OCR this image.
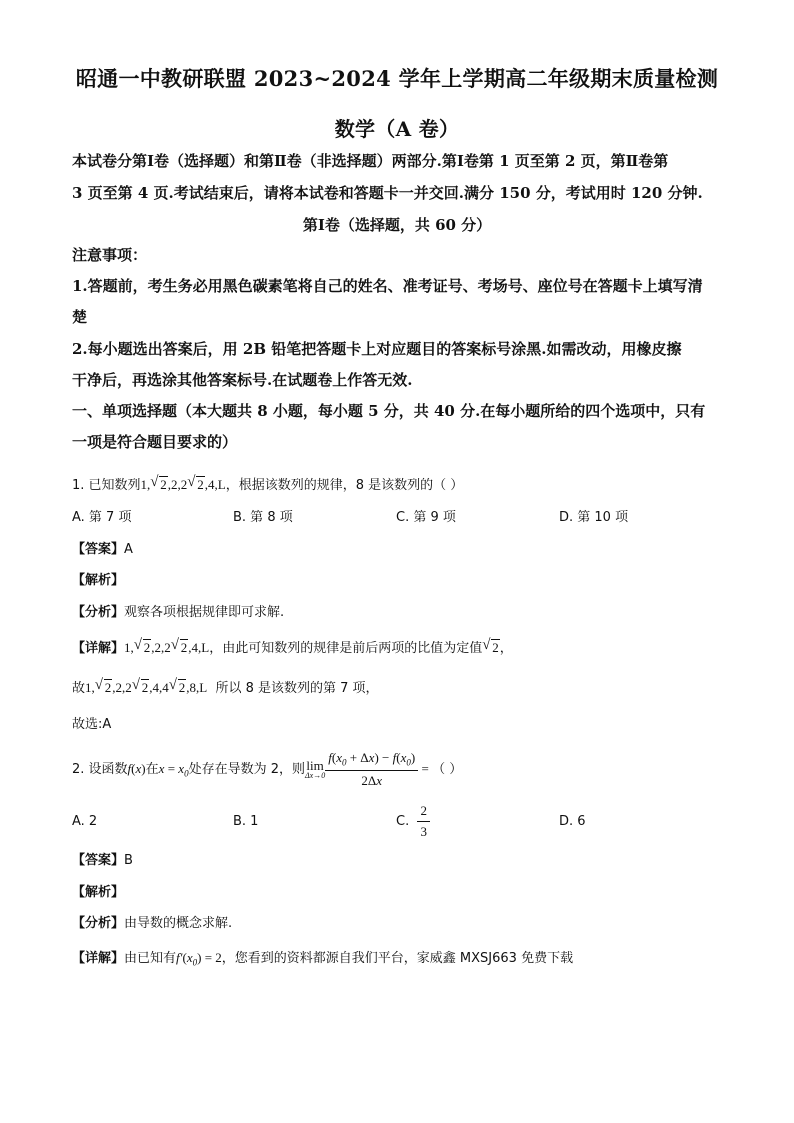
昭通一中教研联盟 2023~2024 学年上学期高二年级期末质量检测
数学（A 卷）
本试卷分第Ⅰ卷（选择题）和第Ⅱ卷（非选择题）两部分.第Ⅰ卷第 1 页至第 2 页，第Ⅱ卷第
3 页至第 4 页.考试结束后，请将本试卷和答题卡一并交回.满分 150 分，考试用时 120 分钟.
第Ⅰ卷（选择题，共 60 分）
注意事项：
1.答题前，考生务必用黑色碳素笔将自己的姓名、准考证号、考场号、座位号在答题卡上填写清
楚
2.每小题选出答案后，用 2B 铅笔把答题卡上对应题目的答案标号涂黑.如需改动，用橡皮擦
干净后，再选涂其他答案标号.在试题卷上作答无效.
一、单项选择题（本大题共 8 小题，每小题 5 分，共 40 分.在每小题所给的四个选项中，只有
一项是符合题目要求的）
1. 已知数列1, √ 2,2,2 √ 2,4,L，根据该数列的规律，8 是该数列的（ ）
A. 第 7 项	B. 第 8 项	C. 第 9 项	D. 第 10 项
【答案】A
【解析】
【分析】观察各项根据规律即可求解.
【详解】1, √ 2,2,2 √ 2,4,L，由此可知数列的规律是前后两项的比值为定值 √ 2，
故1, √ 2,2,2 √ 2,4,4 √ 2,8,L 所以 8 是该数列的第 7 项，
故选:A
2. 设函数f(x)在$x = x_0$处存在导数为 2，则 lim
$\Delta x\to 0 \frac{f(x_0 + \Delta x) - f(x_0)}{2\Delta x}$ = （ ）
A. 2	B. 1	C. $\frac{2}{3}$	D. 6
【答案】B
【解析】
【分析】由导数的概念求解.
【详解】由已知有$f'(x_0) = 2$，您看到的资料都源自我们平台，家威鑫 MXSJ663 免费下载
